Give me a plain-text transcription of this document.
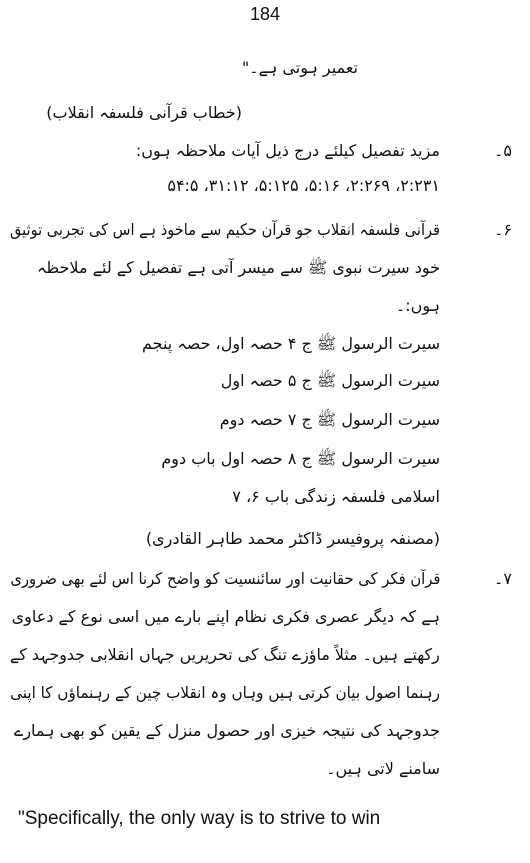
184
تعمیر ہوتی ہے۔"
(خطاب قرآنی فلسفہ انقلاب)
۵۔
مزید تفصیل کیلئے درج ذیل آیات ملاحظہ ہوں:
۲:۲۳۱، ۲:۲۶۹، ۵:۱۶، ۵:۱۲۵، ۳۱:۱۲، ۵۴:۵
۶۔
قرآنی فلسفہ انقلاب جو قرآن حکیم سے ماخوذ ہے اس کی تجربی توثیق
خود سیرت نبوی ﷺ سے میسر آتی ہے تفصیل کے لئے ملاحظہ
ہوں:۔
سیرت الرسول ﷺ ج ۴ حصہ اول، حصہ پنجم
سیرت الرسول ﷺ ج ۵ حصہ اول
سیرت الرسول ﷺ ج ۷ حصہ دوم
سیرت الرسول ﷺ ج ۸ حصہ اول باب دوم
اسلامی فلسفہ زندگی باب ۶، ۷
(مصنفہ پروفیسر ڈاکٹر محمد طاہر القادری)
۷۔
قرآن فکر کی حقانیت اور سائنسیت کو واضح کرنا اس لئے بھی ضروری
ہے کہ دیگر عصری فکری نظام اپنے بارے میں اسی نوع کے دعاوی
رکھتے ہیں۔ مثلاً ماؤزے تنگ کی تحریریں جہاں انقلابی جدوجہد کے
رہنما اصول بیان کرتی ہیں وہاں وہ انقلاب چین کے رہنماؤں کا اپنی
جدوجہد کی نتیجہ خیزی اور حصول منزل کے یقین کو بھی ہمارے
سامنے لاتی ہیں۔
"Specifically, the only way is to strive to win
